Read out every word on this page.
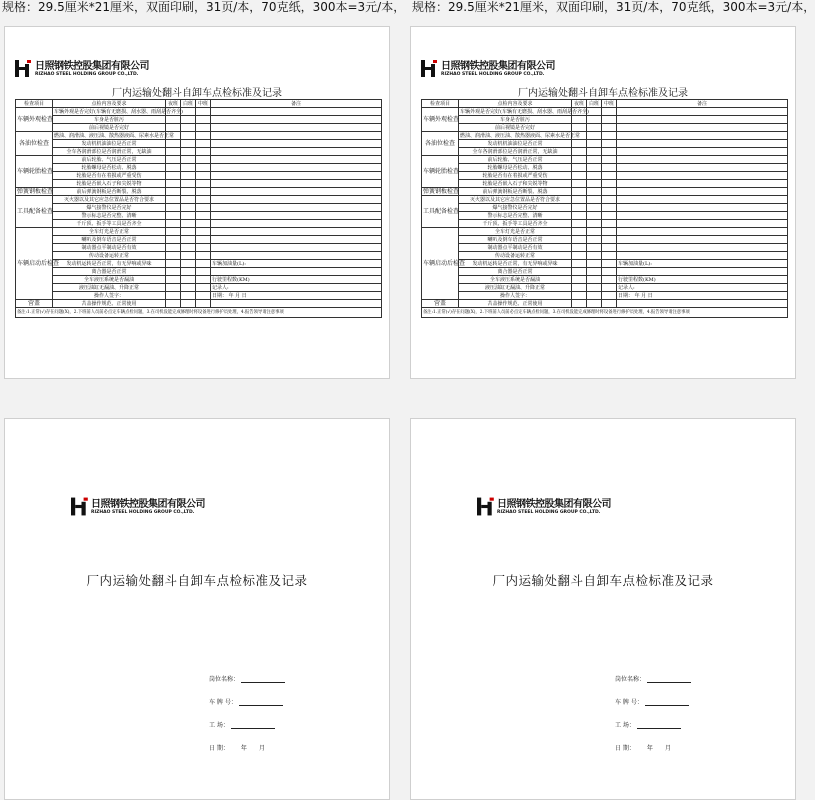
规格：29.5厘米*21厘米，双面印刷，31页/本，70克纸，300本=3元/本， 规格：29.5厘米*21厘米，双面印刷，31页/本，70克纸，300本=3元/本，
日照钢铁控股集团有限公司
RIZHAO STEEL HOLDING GROUP CO.,LTD.
厂内运输处翻斗自卸车点检标准及记录
检查项目	点检内容及要求	夜班	白班	中班	备注
车辆外观检查	车辆外观是否完好(车辆有无磨损、刮水器、雨刮是否齐全)				
	车身是否脏污				
	前后视镜是否完好				
各油位检查	燃油、润滑油、液压油、散热器液面、尿素水是否正常				
	发动机机油油位是否正常				
	全车各润滑部位是否润滑正常，无缺油				
车辆轮胎检查	前后轮胎、气压是否正常				
	轮胎螺母是否松动、脱落				
	轮胎是否有在着损或严重受伤				
	轮胎是否嵌入石子和尖锐等物				
弹簧钢板检查	前后弹簧钢板是否断裂、脱落				
工具配备检查	灭火器以及其它应急位置品是否符合要求				
	爆气接警仪是否完好				
	警示标志是否完整、清晰				
	千斤顶、扳手等工具是否齐全				
车辆启动后检查	全车灯光是否正常				
	喇叭及倒车语音是否正常				
	制动器点平制动是否有效				
	传动设备运转正常				
	发动机运转是否正常，有无异响或异味				车辆加油量(L):
	离合器是否正常				
	全车液压系统是否漏油				行驶里程数(KM)
	液压油缸无漏油、升降正常				记录人:
	操作人签字：				日期： 年 月 日
营盖	苫盖操作规范、正常使用				
备注:1.正常(√)存在问题(X)，2.下班前人员前必点定车辆点检问题，3.在司机没能完成修理时将设备进行修护员处理，4.报告领导请注意事项					
日照钢铁控股集团有限公司
RIZHAO STEEL HOLDING GROUP CO.,LTD.
厂内运输处翻斗自卸车点检标准及记录
检查项目	点检内容及要求	夜班	白班	中班	备注
车辆外观检查	车辆外观是否完好(车辆有无磨损、刮水器、雨刮是否齐全)				
	车身是否脏污				
	前后视镜是否完好				
各油位检查	燃油、润滑油、液压油、散热器液面、尿素水是否正常				
	发动机机油油位是否正常				
	全车各润滑部位是否润滑正常，无缺油				
车辆轮胎检查	前后轮胎、气压是否正常				
	轮胎螺母是否松动、脱落				
	轮胎是否有在着损或严重受伤				
	轮胎是否嵌入石子和尖锐等物				
弹簧钢板检查	前后弹簧钢板是否断裂、脱落				
工具配备检查	灭火器以及其它应急位置品是否符合要求				
	爆气接警仪是否完好				
	警示标志是否完整、清晰				
	千斤顶、扳手等工具是否齐全				
车辆启动后检查	全车灯光是否正常				
	喇叭及倒车语音是否正常				
	制动器点平制动是否有效				
	传动设备运转正常				
	发动机运转是否正常，有无异响或异味				车辆加油量(L):
	离合器是否正常				
	全车液压系统是否漏油				行驶里程数(KM)
	液压油缸无漏油、升降正常				记录人:
	操作人签字：				日期： 年 月 日
营盖	苫盖操作规范、正常使用				
备注:1.正常(√)存在问题(X)，2.下班前人员前必点定车辆点检问题，3.在司机没能完成修理时将设备进行修护员处理，4.报告领导请注意事项					
日照钢铁控股集团有限公司
RIZHAO STEEL HOLDING GROUP CO.,LTD.
厂内运输处翻斗自卸车点检标准及记录
岗位名称：
车 牌 号：
工 场：
日 期： 年 月
日照钢铁控股集团有限公司
RIZHAO STEEL HOLDING GROUP CO.,LTD.
厂内运输处翻斗自卸车点检标准及记录
岗位名称：
车 牌 号：
工 场：
日 期： 年 月
